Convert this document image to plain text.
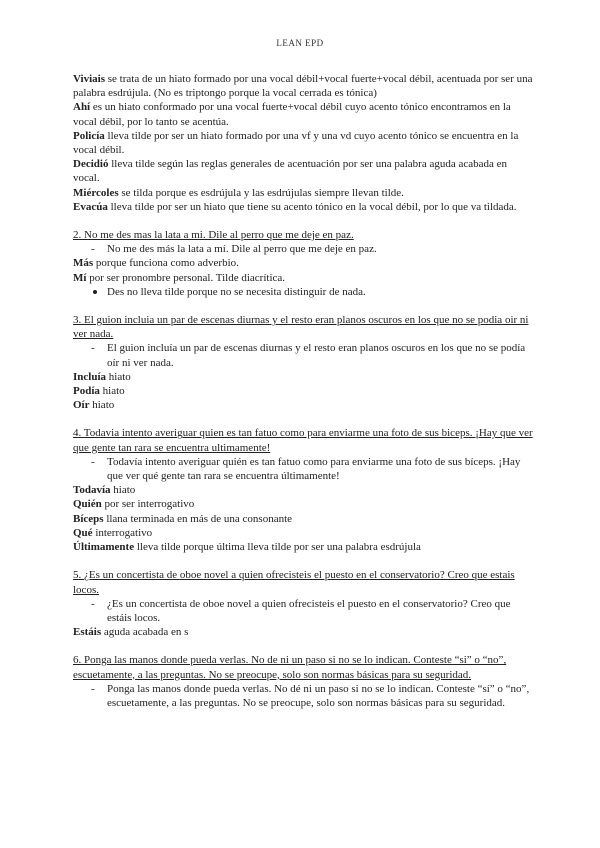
LEAN EPD

Viviais se trata de un hiato formado por una vocal débil+vocal fuerte+vocal débil, acentuada por ser una palabra esdrújula. (No es triptongo porque la vocal cerrada es tónica)

Ahí es un hiato conformado por una vocal fuerte+vocal débil cuyo acento tónico encontramos en la vocal débil, por lo tanto se acentúa.

Policía lleva tilde por ser un hiato formado por una vf y una vd cuyo acento tónico se encuentra en la vocal débil.

Decidió lleva tilde según las reglas generales de acentuación por ser una palabra aguda acabada en vocal.

Miércoles se tilda porque es esdrújula y las esdrújulas siempre llevan tilde.

Evacúa lleva tilde por ser un hiato que tiene su acento tónico en la vocal débil, por lo que va tildada.

2. No me des mas la lata a mi. Dile al perro que me deje en paz.

- No me des más la lata a mí. Dile al perro que me deje en paz.

Más porque funciona como adverbio.

Mí por ser pronombre personal. Tilde diacrítica.

Des no lleva tilde porque no se necesita distinguir de nada.

3. El guion incluia un par de escenas diurnas y el resto eran planos oscuros en los que no se podia oir ni ver nada.

- El guion incluía un par de escenas diurnas y el resto eran planos oscuros en los que no se podía oír ni ver nada.

Incluía hiato

Podía hiato

Oír hiato

4. Todavia intento averiguar quien es tan fatuo como para enviarme una foto de sus biceps. ¡Hay que ver que gente tan rara se encuentra ultimamente!

- Todavía intento averiguar quién es tan fatuo como para enviarme una foto de sus bíceps. ¡Hay que ver qué gente tan rara se encuentra últimamente!

Todavía hiato

Quién por ser interrogativo

Bíceps llana terminada en más de una consonante

Qué interrogativo

Últimamente lleva tilde porque última lleva tilde por ser una palabra esdrújula

5. ¿Es un concertista de oboe novel a quien ofrecisteis el puesto en el conservatorio? Creo que estais locos.

- ¿Es un concertista de oboe novel a quien ofrecisteis el puesto en el conservatorio? Creo que estáis locos.

Estáis aguda acabada en s

6. Ponga las manos donde pueda verlas. No de ni un paso si no se lo indican. Conteste “si” o “no”, escuetamente, a las preguntas. No se preocupe, solo son normas básicas para su seguridad.

- Ponga las manos donde pueda verlas. No dé ni un paso si no se lo indican. Conteste “sí” o “no”, escuetamente, a las preguntas. No se preocupe, solo son normas básicas para su seguridad.
